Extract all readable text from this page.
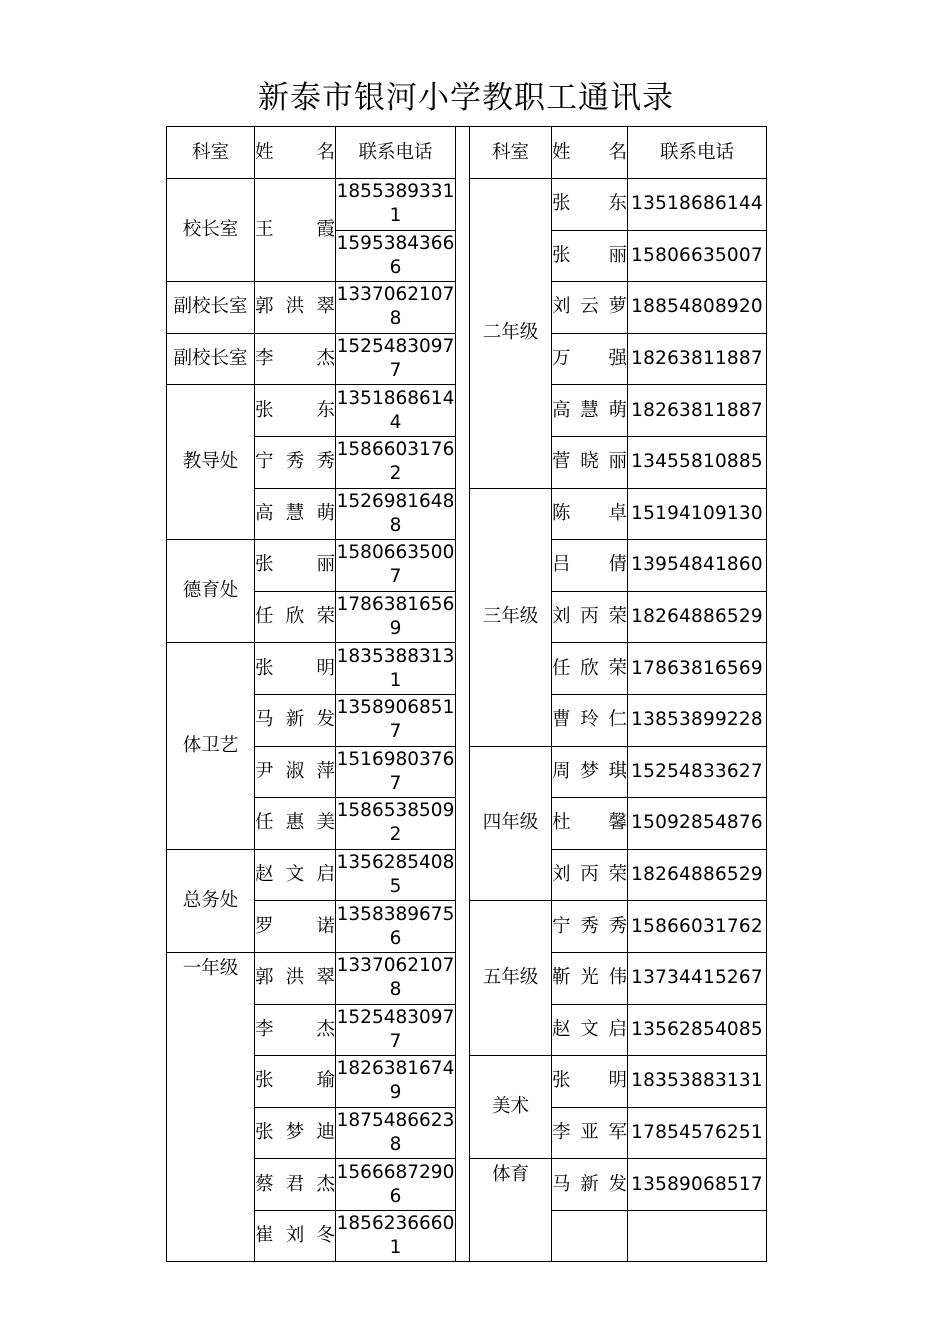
新泰市银河小学教职工通讯录
科室	姓　　名	联系电话		科室	姓　　名	联系电话
校长室	王霞	18553893311		二年级	张东	13518686144
		15953843666			张丽	15806635007
副校长室	郭洪翠	13370621078			刘云萝	18854808920
副校长室	李杰	15254830977			万强	18263811887
教导处	张东	13518686144			高慧萌	18263811887
	宁秀秀	15866031762			菅晓丽	13455810885
	高慧萌	15269816488		三年级	陈卓	15194109130
德育处	张丽	15806635007			吕倩	13954841860
	任欣荣	17863816569			刘丙荣	18264886529
体卫艺	张明	18353883131			任欣荣	17863816569
	马新发	13589068517			曹玲仁	13853899228
	尹淑萍	15169803767		四年级	周梦琪	15254833627
	任惠美	15865385092			杜馨	15092854876
总务处	赵文启	13562854085			刘丙荣	18264886529
	罗诺	13583896756		五年级	宁秀秀	15866031762
一年级	郭洪翠	13370621078			靳光伟	13734415267
	李杰	15254830977			赵文启	13562854085
	张瑜	18263816749		美术	张明	18353883131
	张梦迪	18754866238			李亚军	17854576251
	蔡君杰	15666872906		体育	马新发	13589068517
	崔刘冬	18562366601				
